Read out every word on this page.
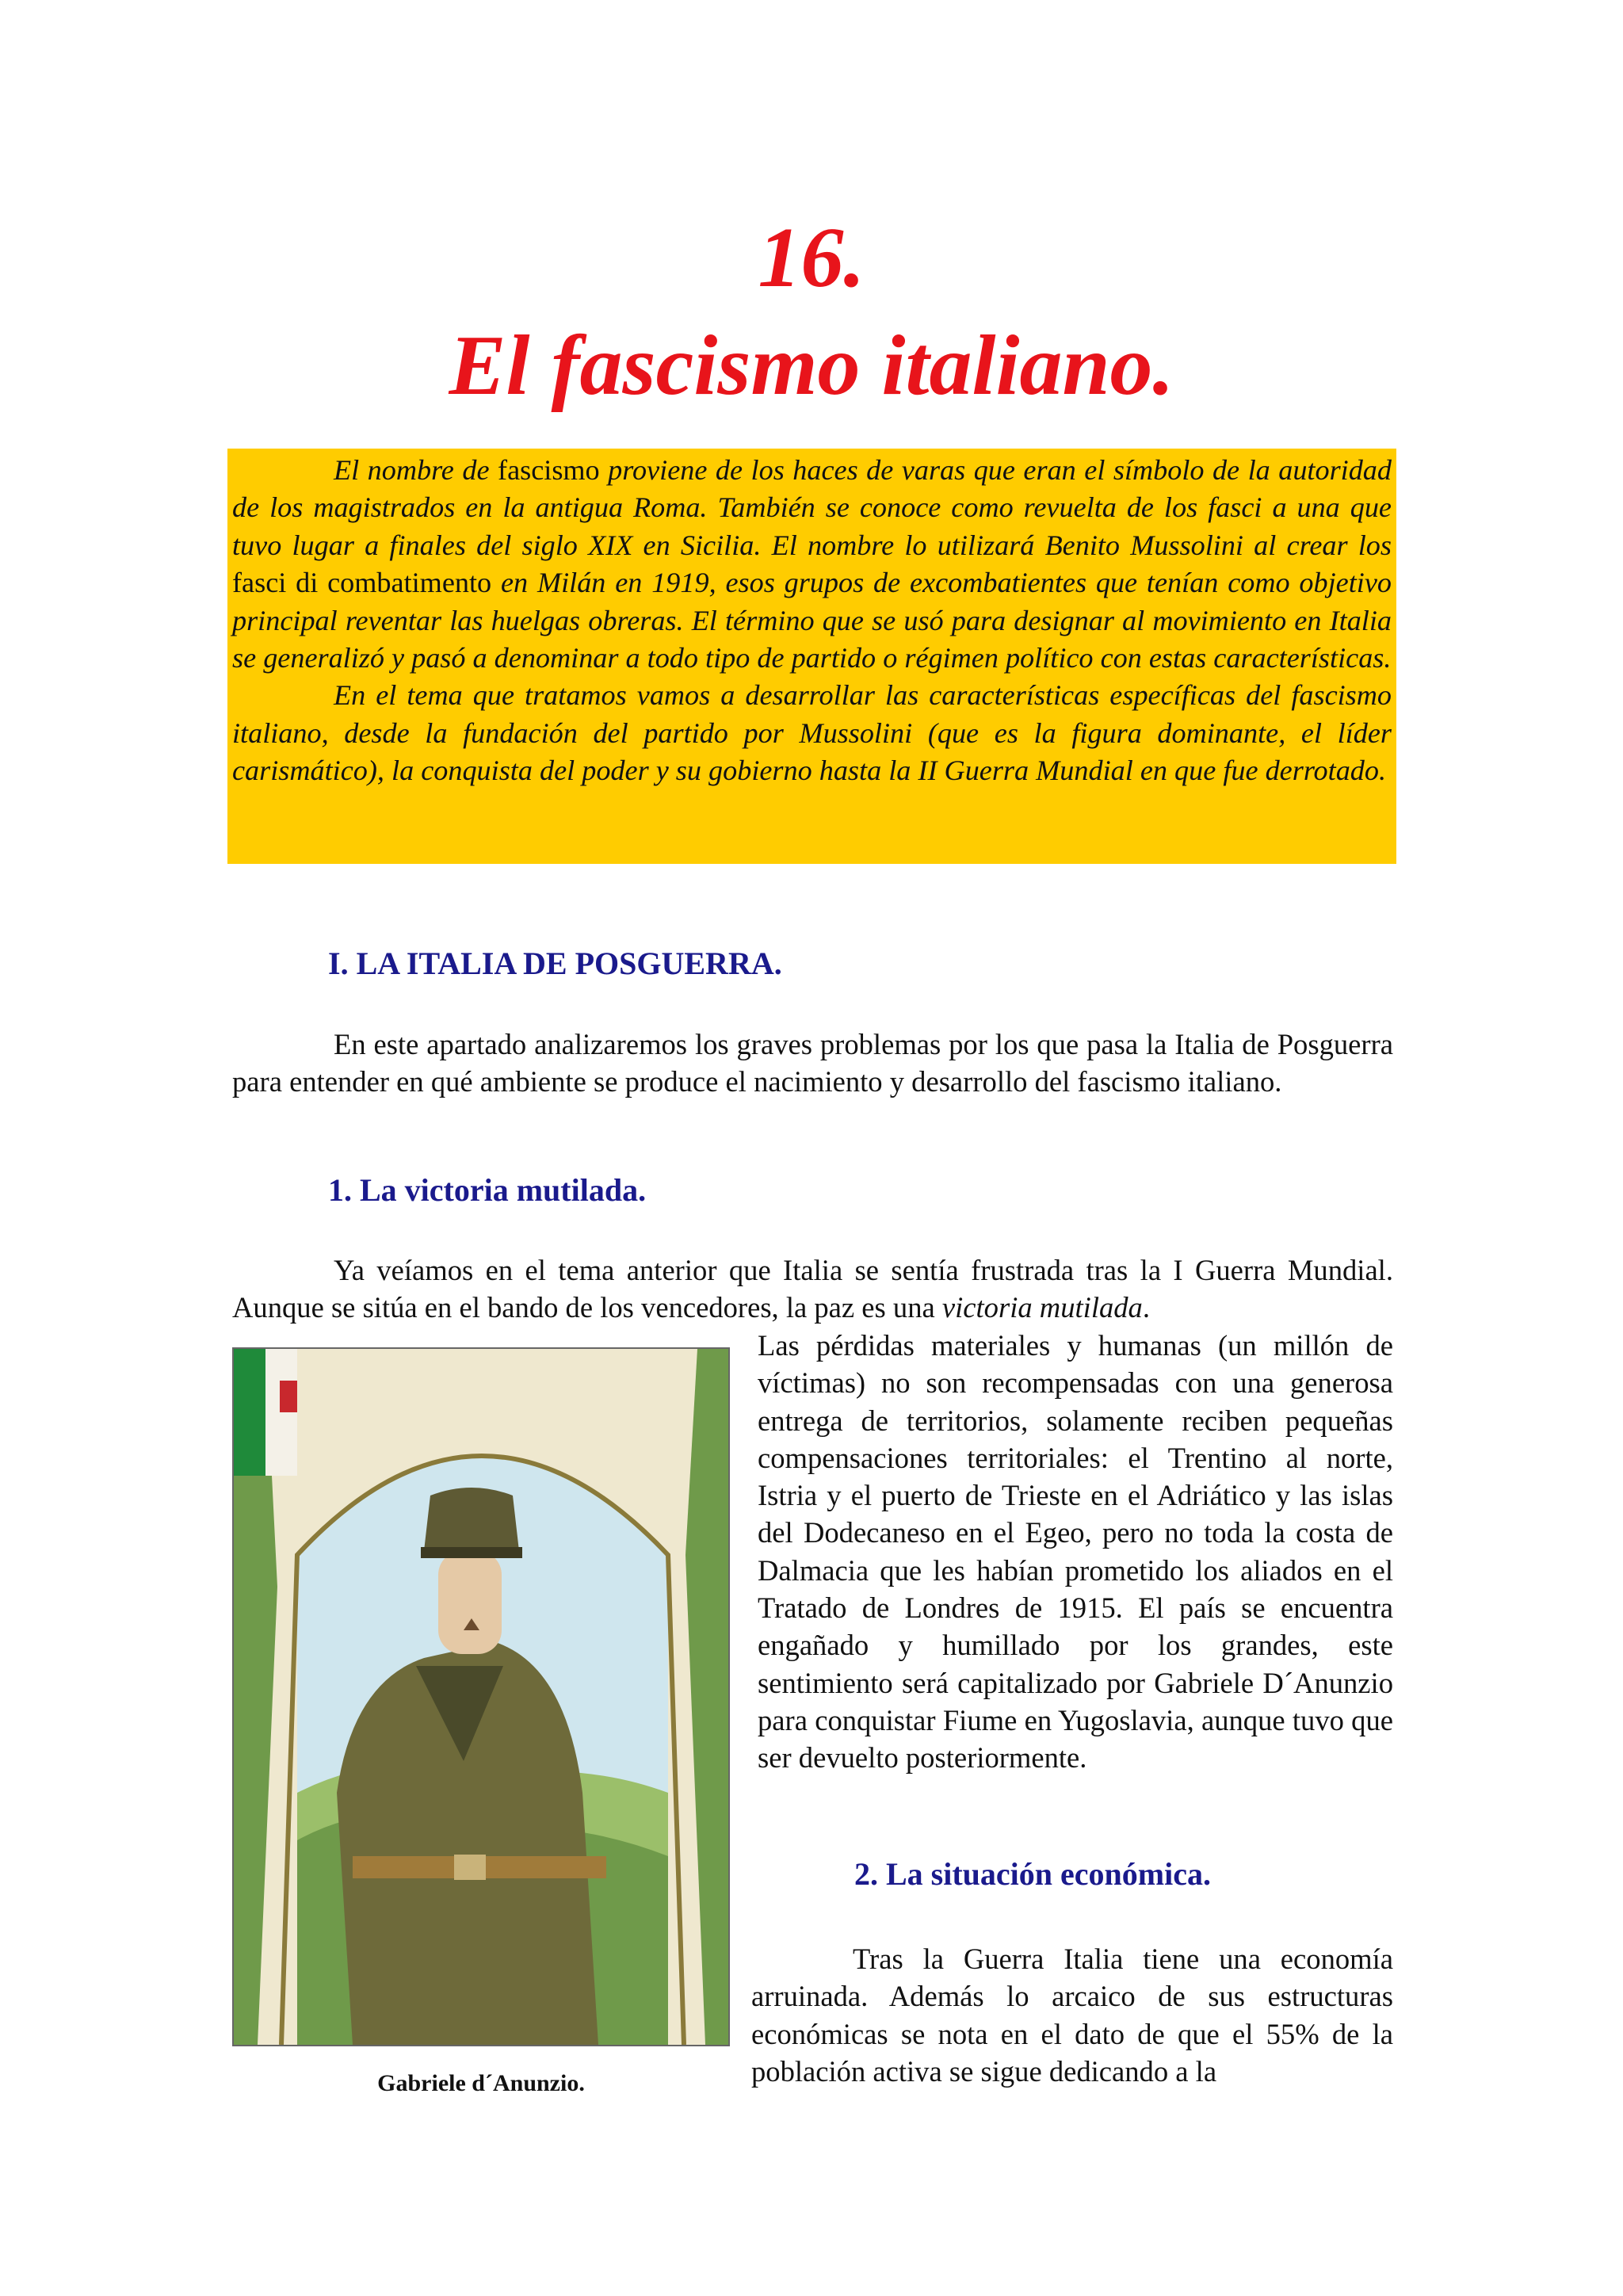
16.
El fascismo italiano.

El nombre de fascismo proviene de los haces de varas que eran el símbolo de la autoridad de los magistrados en la antigua Roma. También se conoce como revuelta de los fasci a una que tuvo lugar a finales del siglo XIX en Sicilia. El nombre lo utilizará Benito Mussolini al crear los fasci di combatimento en Milán en 1919, esos grupos de excombatientes que tenían como objetivo principal reventar las huelgas obreras. El término que se usó para designar al movimiento en Italia se generalizó y pasó a denominar a todo tipo de partido o régimen político con estas características.

En el tema que tratamos vamos a desarrollar las características específicas del fascismo italiano, desde la fundación del partido por Mussolini (que es la figura dominante, el líder carismático), la conquista del poder y su gobierno hasta la II Guerra Mundial en que fue derrotado.

I. LA ITALIA DE POSGUERRA.

En este apartado analizaremos los graves problemas por los que pasa la Italia de Posguerra para entender en qué ambiente se produce el nacimiento y desarrollo del fascismo italiano.

1. La victoria mutilada.

Ya veíamos en el tema anterior que Italia se sentía frustrada tras la I Guerra Mundial. Aunque se sitúa en el bando de los vencedores, la paz es una victoria mutilada.

Las pérdidas materiales y humanas (un millón de víctimas) no son recompensadas con una generosa entrega de territorios, solamente reciben pequeñas compensaciones territoriales: el Trentino al norte, Istria y el puerto de Trieste en el Adriático y las islas del Dodecaneso en el Egeo, pero no toda la costa de Dalmacia que les habían prometido los aliados en el Tratado de Londres de 1915. El país se encuentra engañado y humillado por los grandes, este sentimiento será capitalizado por Gabriele D´Anunzio para conquistar Fiume en Yugoslavia, aunque tuvo que ser devuelto posteriormente.

Gabriele d´Anunzio.

2. La situación económica.

Tras la Guerra Italia tiene una economía arruinada. Además lo arcaico de sus estructuras económicas se nota en el dato de que el 55% de la población activa se sigue dedicando a la
